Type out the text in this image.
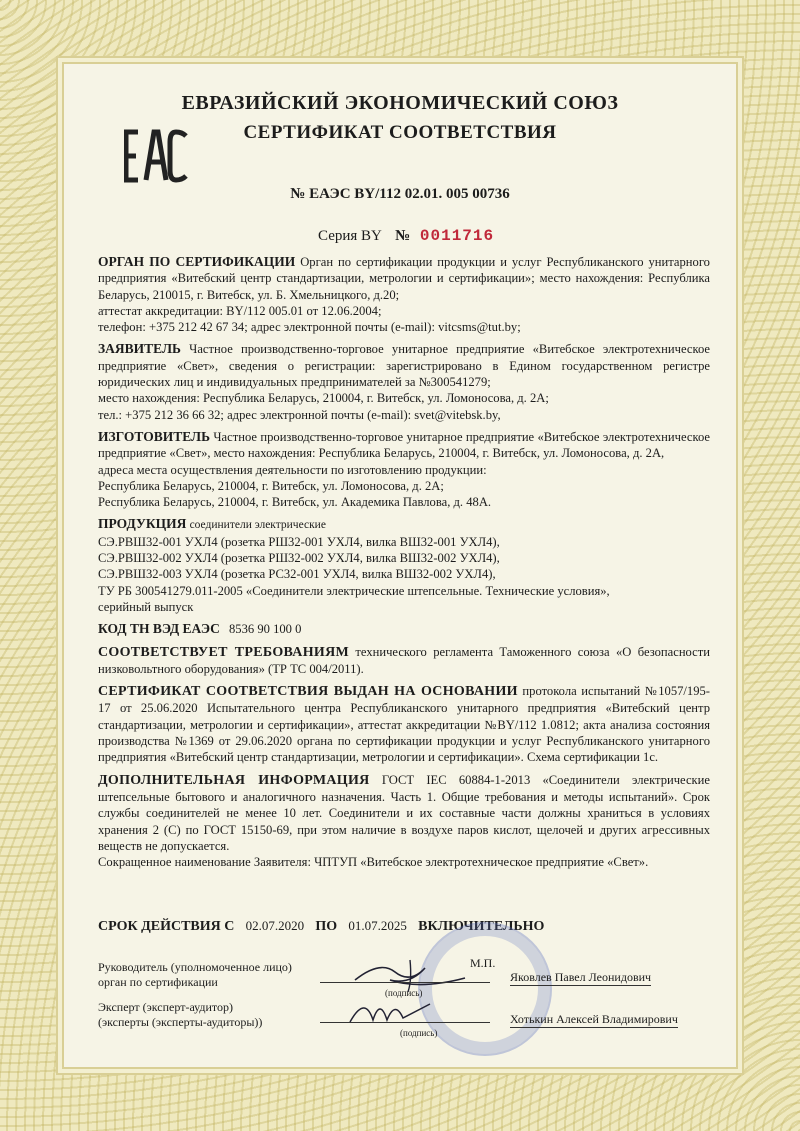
ЕВРАЗИЙСКИЙ ЭКОНОМИЧЕСКИЙ СОЮЗ
СЕРТИФИКАТ СООТВЕТСТВИЯ
№ ЕАЭС BY/112 02.01. 005 00736
Серия BY № 0011716
ОРГАН ПО СЕРТИФИКАЦИИ Орган по сертификации продукции и услуг Республиканского унитарного предприятия «Витебский центр стандартизации, метрологии и сертификации»; место нахождения: Республика Беларусь, 210015, г. Витебск, ул. Б. Хмельницкого, д.20;
аттестат аккредитации: BY/112 005.01 от 12.06.2004;
телефон: +375 212 42 67 34; адрес электронной почты (e-mail): vitcsms@tut.by;
ЗАЯВИТЕЛЬ Частное производственно-торговое унитарное предприятие «Витебское электротехническое предприятие «Свет», сведения о регистрации: зарегистрировано в Едином государственном регистре юридических лиц и индивидуальных предпринимателей за №300541279;
место нахождения: Республика Беларусь, 210004, г. Витебск, ул. Ломоносова, д. 2А;
тел.: +375 212 36 66 32; адрес электронной почты (e-mail): svet@vitebsk.by,
ИЗГОТОВИТЕЛЬ Частное производственно-торговое унитарное предприятие «Витебское электротехническое предприятие «Свет», место нахождения: Республика Беларусь, 210004, г. Витебск, ул. Ломоносова, д. 2А,
адреса места осуществления деятельности по изготовлению продукции:
Республика Беларусь, 210004, г. Витебск, ул. Ломоносова, д. 2А;
Республика Беларусь, 210004, г. Витебск, ул. Академика Павлова, д. 48А.
ПРОДУКЦИЯ соединители электрические
СЭ.РВШ32-001 УХЛ4 (розетка РШ32-001 УХЛ4, вилка ВШ32-001 УХЛ4),
СЭ.РВШ32-002 УХЛ4 (розетка РШ32-002 УХЛ4, вилка ВШ32-002 УХЛ4),
СЭ.РВШ32-003 УХЛ4 (розетка РС32-001 УХЛ4, вилка ВШ32-002 УХЛ4),
ТУ РБ 300541279.011-2005 «Соединители электрические штепсельные. Технические условия»,
серийный выпуск
КОД ТН ВЭД ЕАЭС 8536 90 100 0
СООТВЕТСТВУЕТ ТРЕБОВАНИЯМ технического регламента Таможенного союза «О безопасности низковольтного оборудования» (ТР ТС 004/2011).
СЕРТИФИКАТ СООТВЕТСТВИЯ ВЫДАН НА ОСНОВАНИИ протокола испытаний №1057/195-17 от 25.06.2020 Испытательного центра Республиканского унитарного предприятия «Витебский центр стандартизации, метрологии и сертификации», аттестат аккредитации №BY/112 1.0812; акта анализа состояния производства №1369 от 29.06.2020 органа по сертификации продукции и услуг Республиканского унитарного предприятия «Витебский центр стандартизации, метрологии и сертификации». Схема сертификации 1с.
ДОПОЛНИТЕЛЬНАЯ ИНФОРМАЦИЯ ГОСТ IEC 60884-1-2013 «Соединители электрические штепсельные бытового и аналогичного назначения. Часть 1. Общие требования и методы испытаний». Срок службы соединителей не менее 10 лет. Соединители и их составные части должны храниться в условиях хранения 2 (С) по ГОСТ 15150-69, при этом наличие в воздухе паров кислот, щелочей и других агрессивных веществ не допускается.
Сокращенное наименование Заявителя: ЧПТУП «Витебское электротехническое предприятие «Свет».
СРОК ДЕЙСТВИЯ С 02.07.2020 ПО 01.07.2025 ВКЛЮЧИТЕЛЬНО
Руководитель (уполномоченное лицо)
орган по сертификации
М.П.
(подпись)
Яковлев Павел Леонидович
Эксперт (эксперт-аудитор)
(эксперты (эксперты-аудиторы))
(подпись)
Хотькин Алексей Владимирович
